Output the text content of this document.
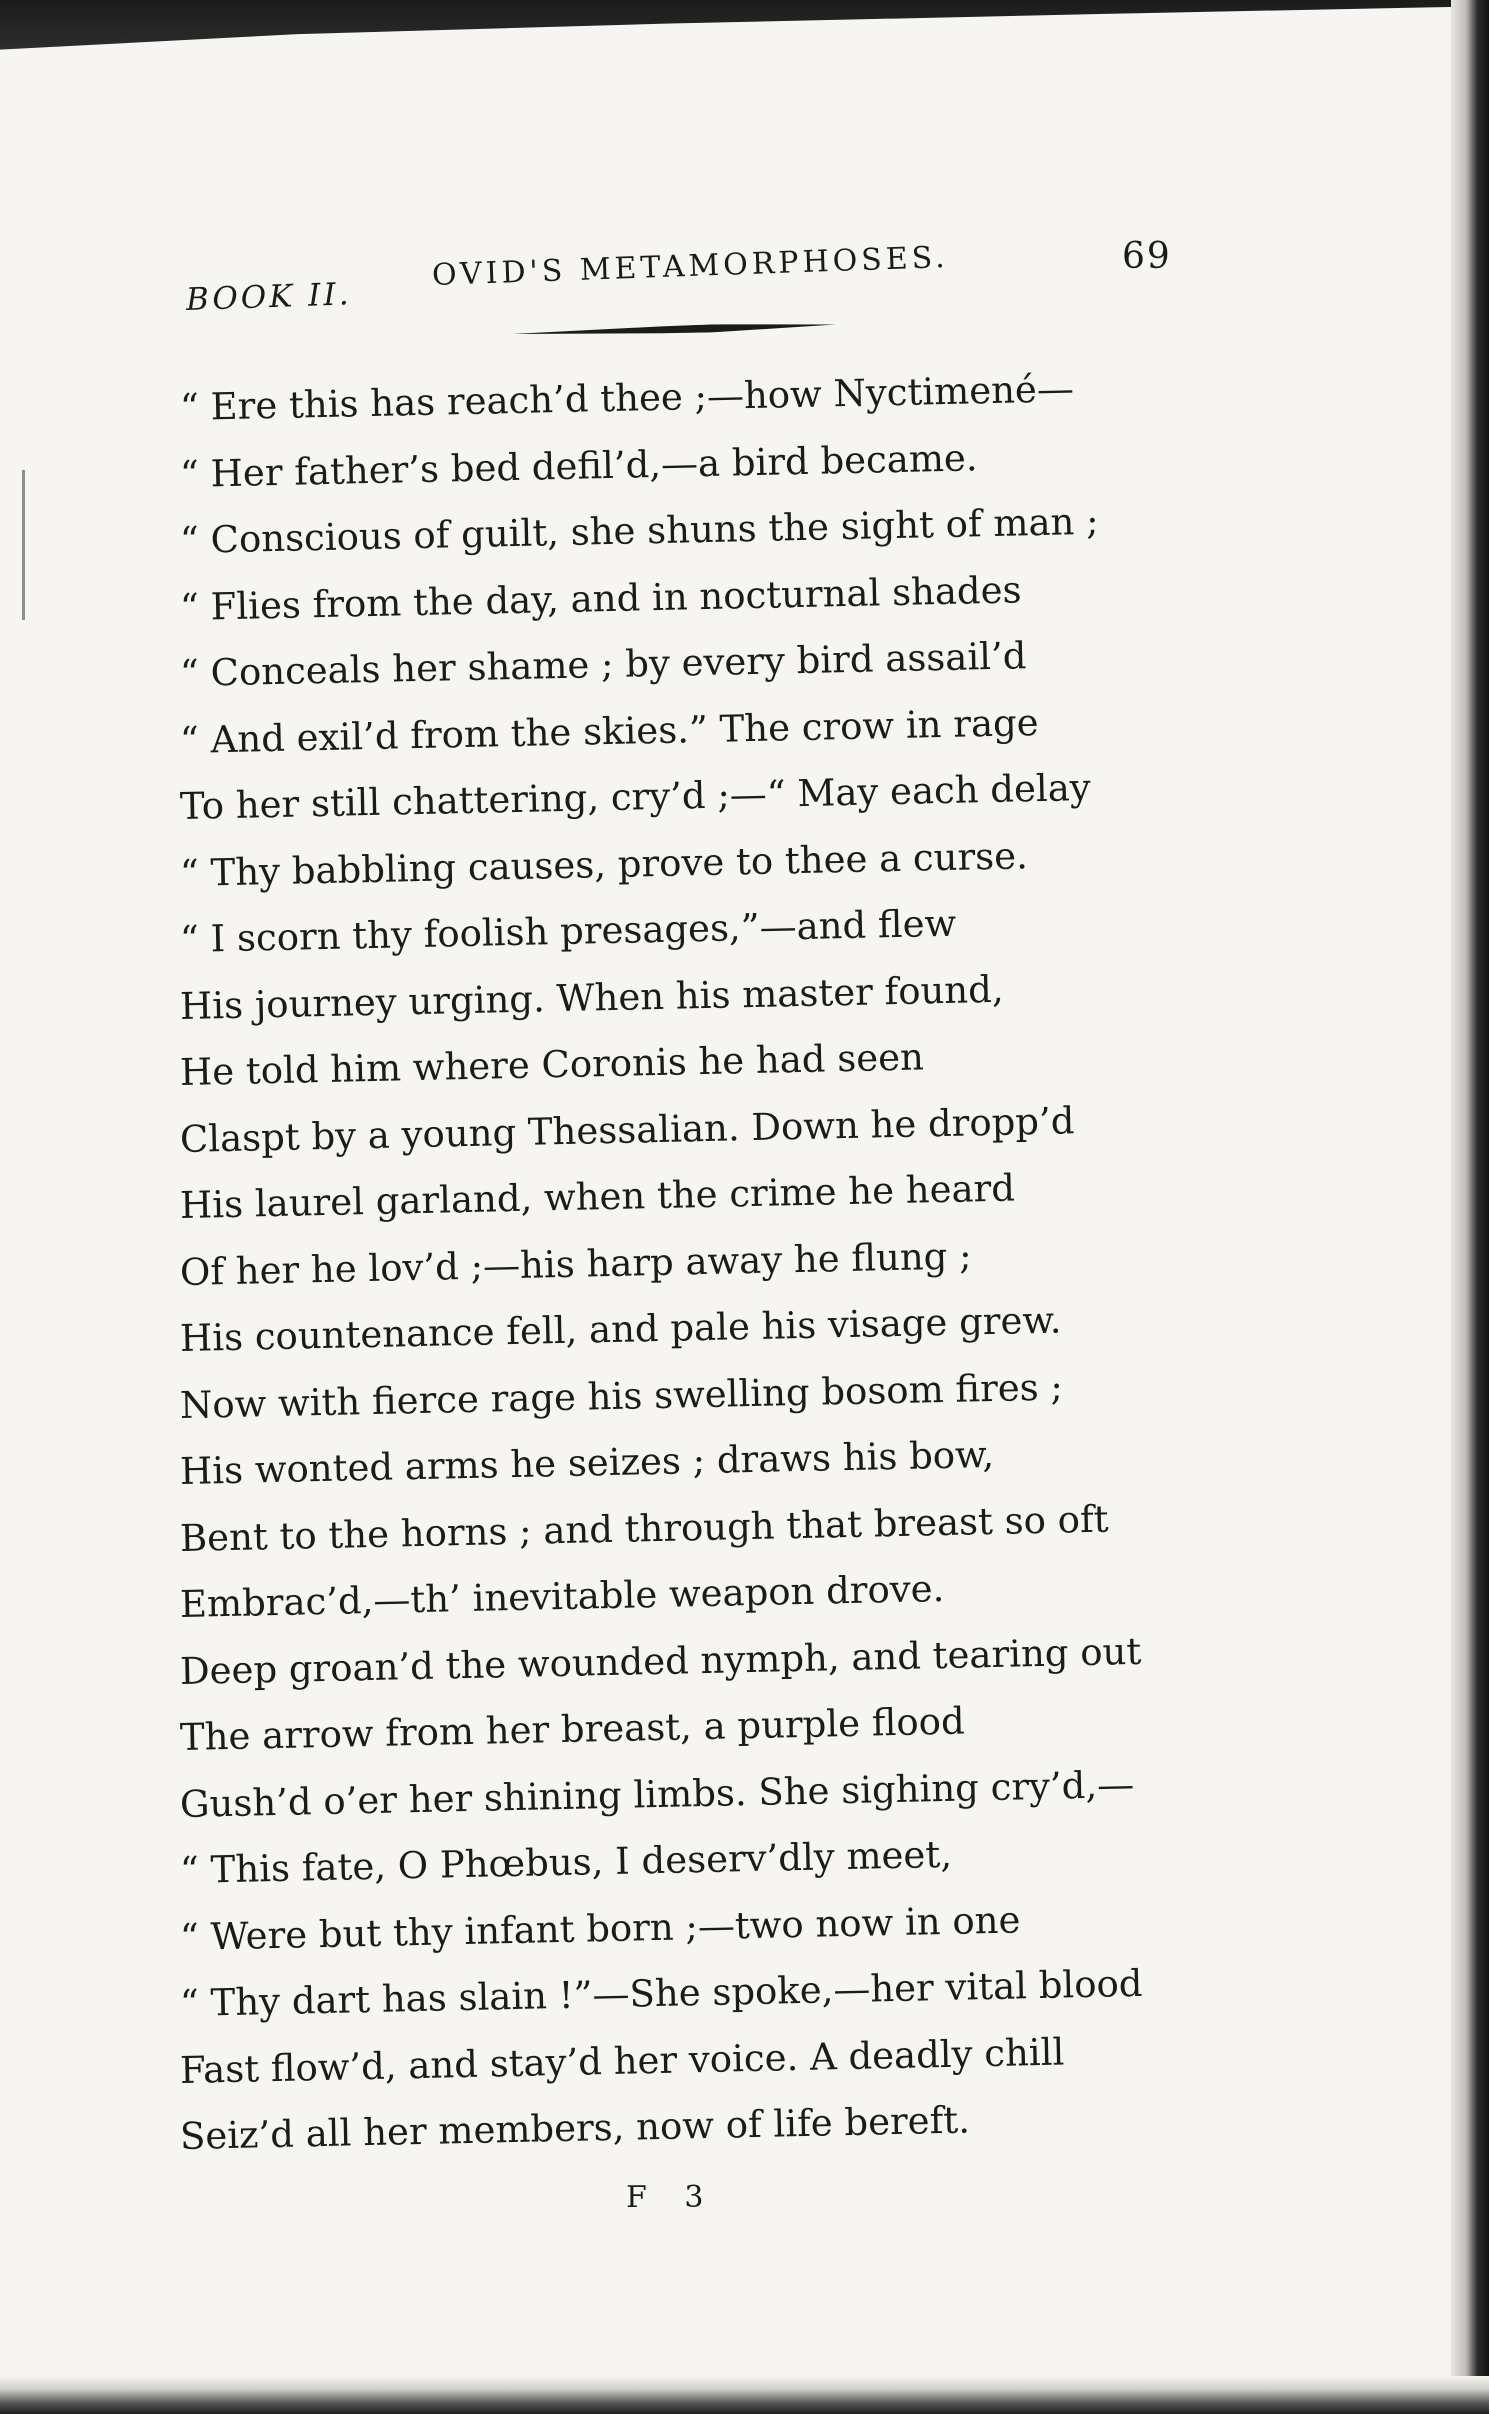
BOOK II.
OVID'S METAMORPHOSES.	69
“ Ere this has reach’d thee ;—how Nyctimené—
“ Her father’s bed defil’d,—a bird became.
“ Conscious of guilt, she shuns the sight of man ;
“ Flies from the day, and in nocturnal shades
“ Conceals her shame ; by every bird assail’d
“ And exil’d from the skies.” The crow in rage
To her still chattering, cry’d ;—“ May each delay
“ Thy babbling causes, prove to thee a curse.
“ I scorn thy foolish presages,”—and flew
His journey urging. When his master found,
He told him where Coronis he had seen
Claspt by a young Thessalian. Down he dropp’d
His laurel garland, when the crime he heard
Of her he lov’d ;—his harp away he flung ;
His countenance fell, and pale his visage grew.
Now with fierce rage his swelling bosom fires ;
His wonted arms he seizes ; draws his bow,
Bent to the horns ; and through that breast so oft
Embrac’d,—th’ inevitable weapon drove.
Deep groan’d the wounded nymph, and tearing out
The arrow from her breast, a purple flood
Gush’d o’er her shining limbs. She sighing cry’d,—
“ This fate, O Phœbus, I deserv’dly meet,
“ Were but thy infant born ;—two now in one
“ Thy dart has slain !”—She spoke,—her vital blood
Fast flow’d, and stay’d her voice. A deadly chill
Seiz’d all her members, now of life bereft.
F 3
